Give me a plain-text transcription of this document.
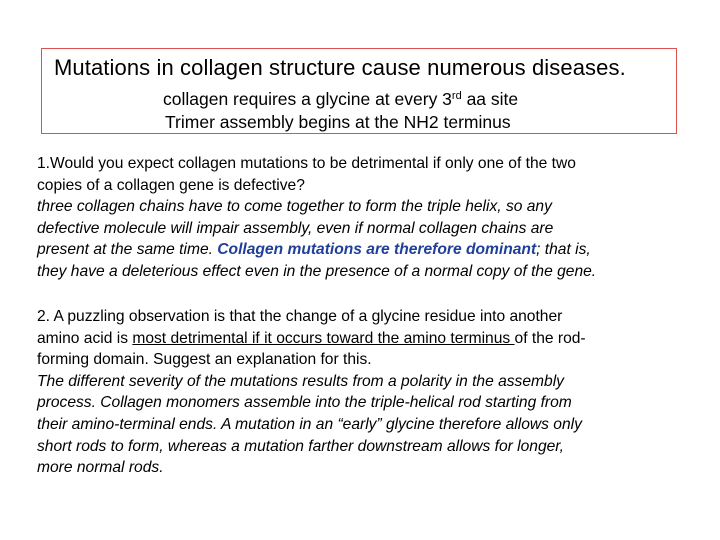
Mutations in collagen structure cause numerous diseases.
collagen requires a glycine at every 3rd aa site
Trimer assembly begins at the NH2 terminus
1.Would you expect collagen mutations to be detrimental if only one of the two
copies of a collagen gene is defective?
three collagen chains have to come together to form the triple helix, so any
defective molecule will impair assembly, even if normal collagen chains are
present at the same time. Collagen mutations are therefore dominant; that is,
they have a deleterious effect even in the presence of a normal copy of the gene.
2. A puzzling observation is that the change of a glycine residue into another
amino acid is most detrimental if it occurs toward the amino terminus of the rod-
forming domain. Suggest an explanation for this.
The different severity of the mutations results from a polarity in the assembly
process. Collagen monomers assemble into the triple-helical rod starting from
their amino-terminal ends. A mutation in an “early” glycine therefore allows only
short rods to form, whereas a mutation farther downstream allows for longer,
more normal rods.
